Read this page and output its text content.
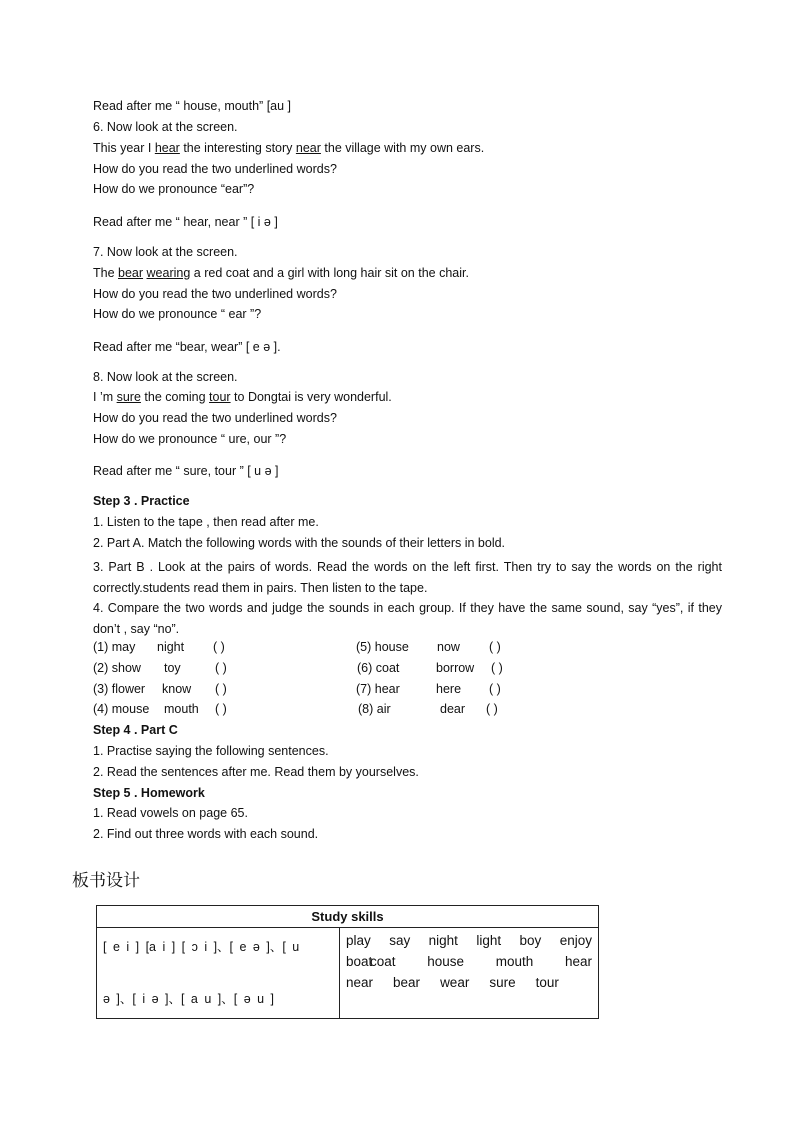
Read after me “ house, mouth” [au ]
6. Now look at the screen.
This year I hear the interesting story near the village with my own ears.
How do you read the two underlined words?
How do we pronounce “ear”?
Read after me “ hear, near ” [ i ə ]
7. Now look at the screen.
The bear wearing a red coat and a girl with long hair sit on the chair.
How do you read the two underlined words?
How do we pronounce “ ear ”?
Read after me “bear, wear” [ e ə ].
8. Now look at the screen.
I ’m sure the coming tour to Dongtai is very wonderful.
How do you read the two underlined words?
How do we pronounce “ ure, our ”?
Read after me “ sure, tour ” [ u ə ]
Step 3 . Practice
1. Listen to the tape , then read after me.
2. Part A. Match the following words with the sounds of their letters in bold.
3. Part B . Look at the pairs of words. Read the words on the left first. Then try to say the words on the right correctly.students read them in pairs. Then listen to the tape.
4. Compare the two words and judge the sounds in each group. If they have the same sound, say “yes”, if they don’t , say “no”.
(1) may night ( )
(2) show toy	( )
(3) flower know ( )
(4) mouse mouth ( )
(5) house now ( )
(6) coat	borrow ( )
(7) hear	here ( )
(8) air	dear ( )
Step 4 . Part C
1. Practise saying the following sentences.
2. Read the sentences after me. Read them by yourselves.
Step 5 . Homework
1. Read vowels on page 65.
2. Find out three words with each sound.
板书设计
Study skills

[ e i ] [a i ] [ ɔ i ]、[ e ə ]、[ u
ə ]、[ i ə ]、[ a u ]、[ ə u ]

play say night light boy enjoy
boat
coat house mouth hear
near bear wear sure tour
